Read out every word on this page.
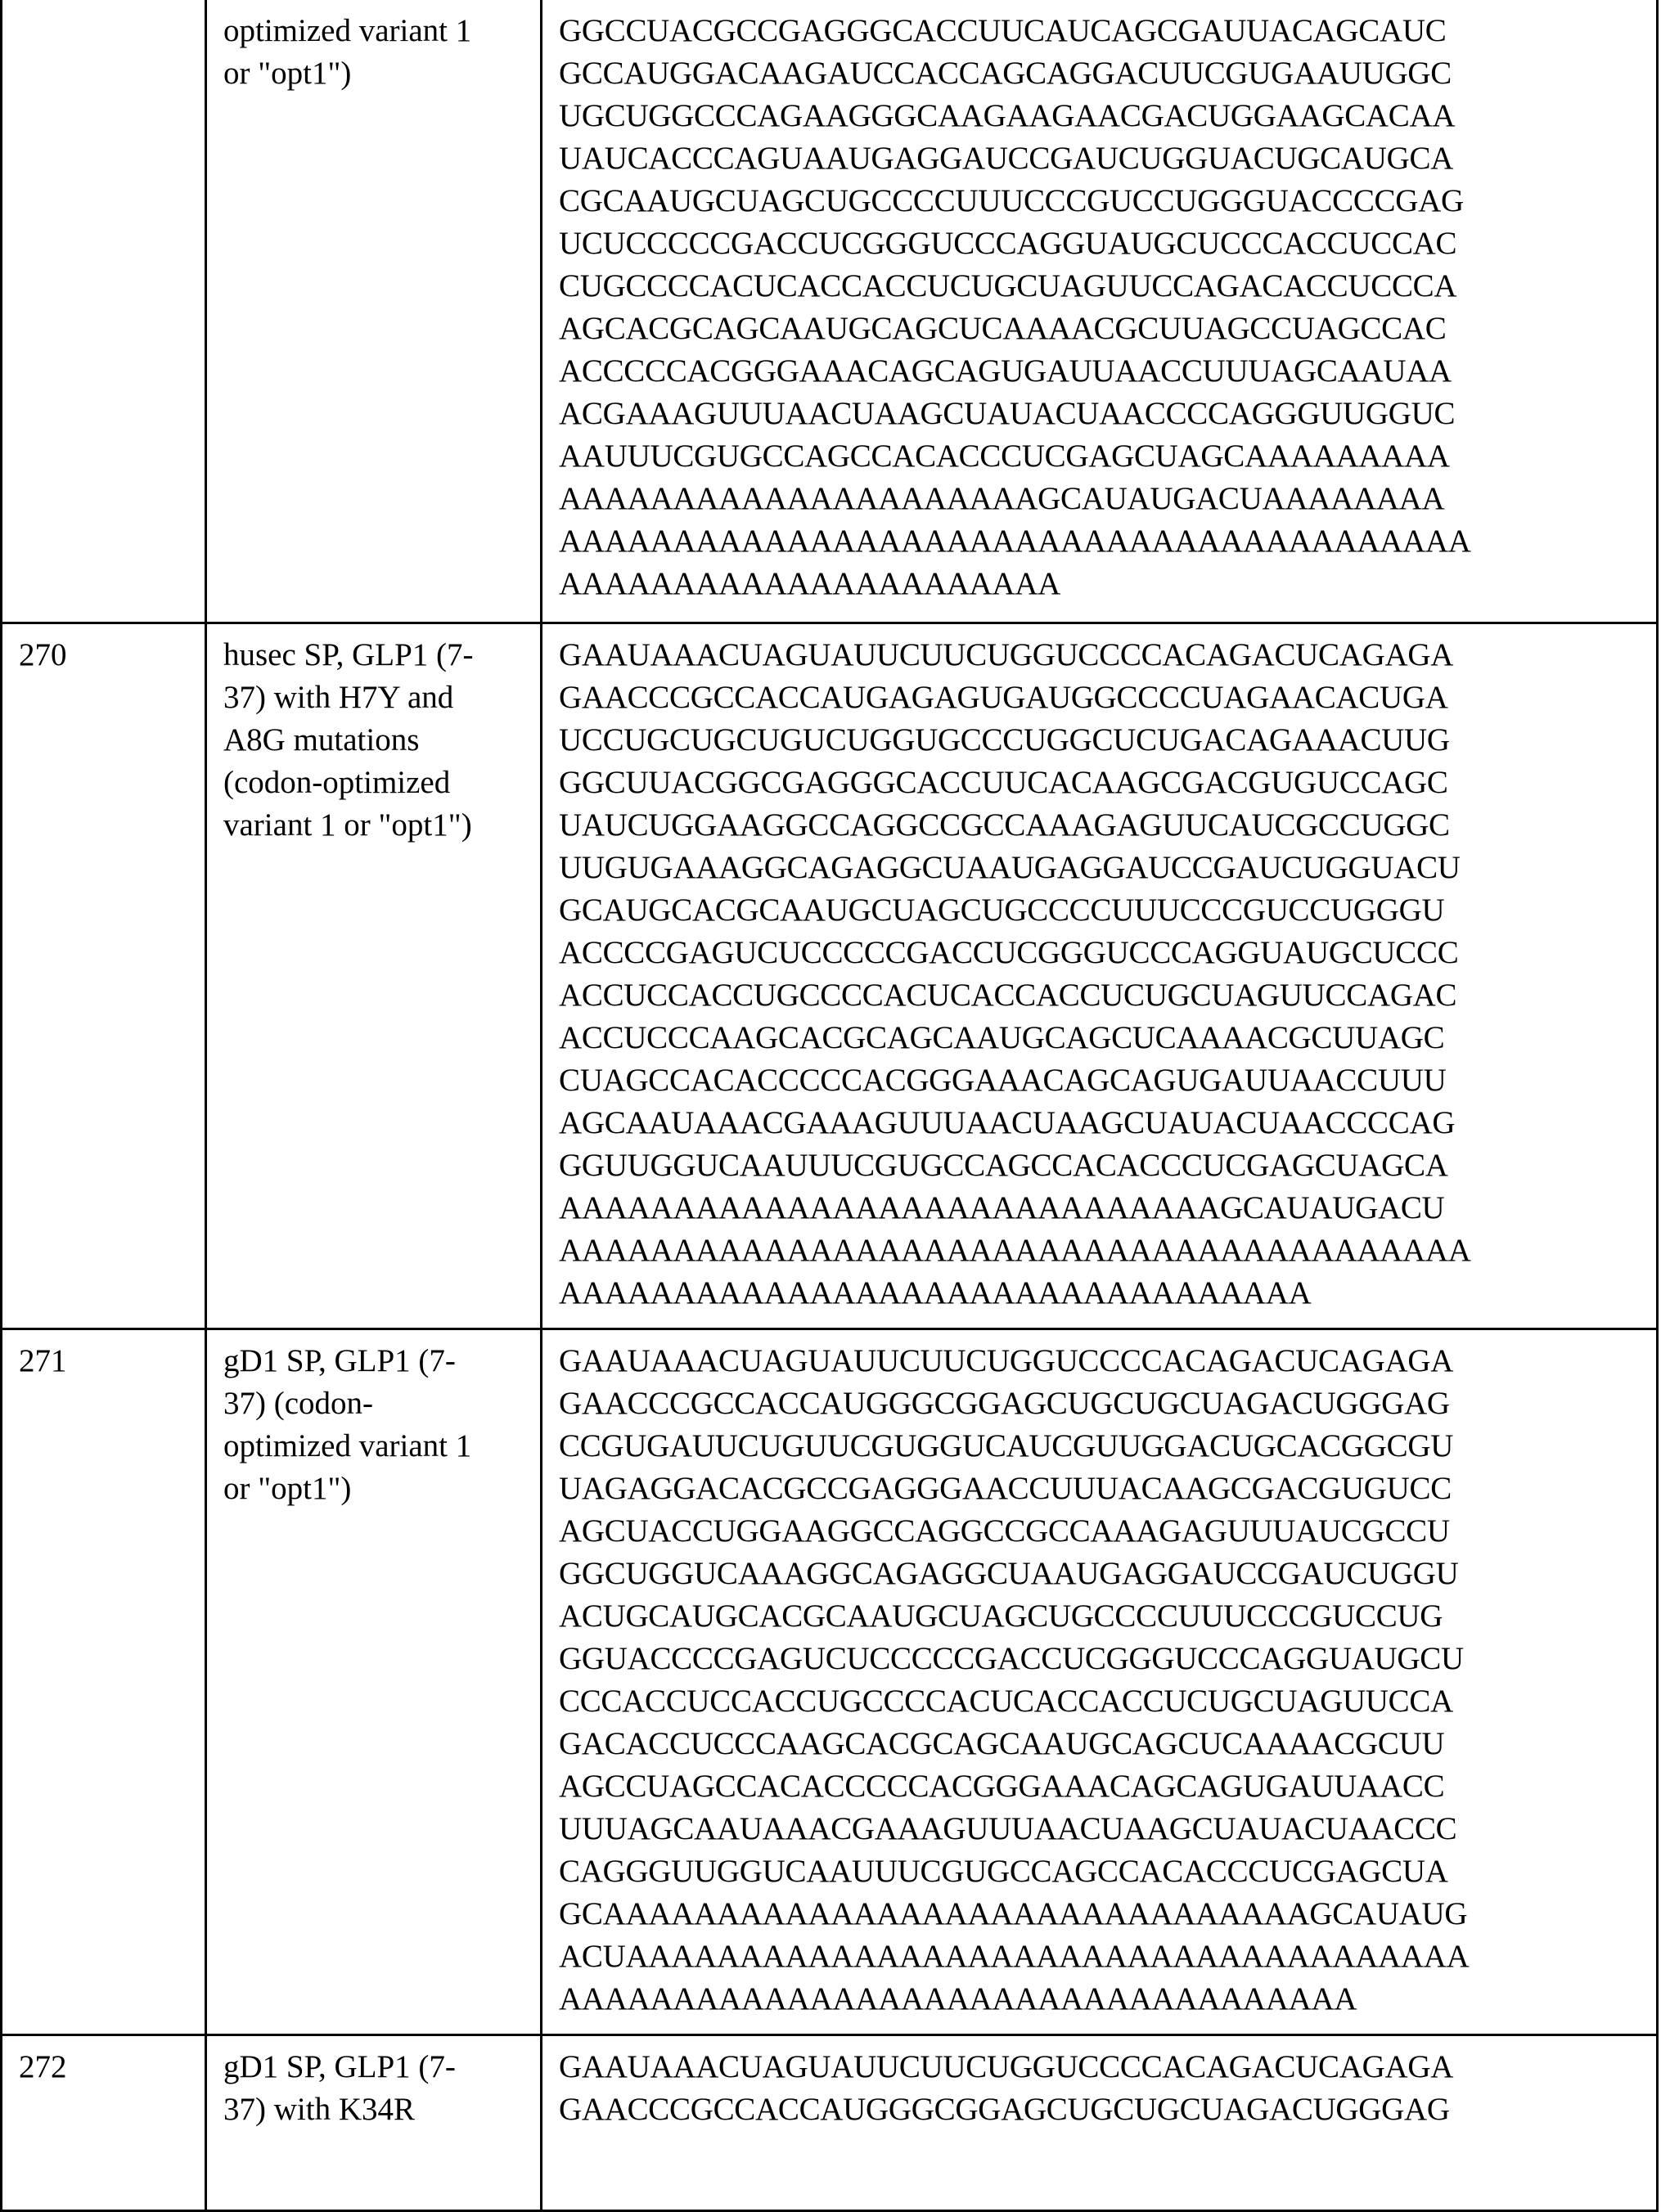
	optimized variant 1
or "opt1")	
GGCCUACGCCGAGGGCACCUUCAUCAGCGAUUACAGCAUC
GCCAUGGACAAGAUCCACCAGCAGGACUUCGUGAAUUGGC
UGCUGGCCCAGAAGGGCAAGAAGAACGACUGGAAGCACAA
UAUCACCCAGUAAUGAGGAUCCGAUCUGGUACUGCAUGCA
CGCAAUGCUAGCUGCCCCUUUCCCGUCCUGGGUACCCCGAG
UCUCCCCCGACCUCGGGUCCCAGGUAUGCUCCCACCUCCAC
CUGCCCCACUCACCACCUCUGCUAGUUCCAGACACCUCCCA
AGCACGCAGCAAUGCAGCUCAAAACGCUUAGCCUAGCCAC
ACCCCCACGGGAAACAGCAGUGAUUAACCUUUAGCAAUAA
ACGAAAGUUUAACUAAGCUAUACUAACCCCAGGGUUGGUC
AAUUUCGUGCCAGCCACACCCUCGAGCUAGCAAAAAAAAA
AAAAAAAAAAAAAAAAAAAAAGCAUAUGACUAAAAAAAA
AAAAAAAAAAAAAAAAAAAAAAAAAAAAAAAAAAAAAAAA
AAAAAAAAAAAAAAAAAAAAAA

270	husec SP, GLP1 (7-
37) with H7Y and
A8G mutations
(codon-optimized
variant 1 or "opt1")	
GAAUAAACUAGUAUUCUUCUGGUCCCCACAGACUCAGAGA
GAACCCGCCACCAUGAGAGUGAUGGCCCCUAGAACACUGA
UCCUGCUGCUGUCUGGUGCCCUGGCUCUGACAGAAACUUG
GGCUUACGGCGAGGGCACCUUCACAAGCGACGUGUCCAGC
UAUCUGGAAGGCCAGGCCGCCAAAGAGUUCAUCGCCUGGC
UUGUGAAAGGCAGAGGCUAAUGAGGAUCCGAUCUGGUACU
GCAUGCACGCAAUGCUAGCUGCCCCUUUCCCGUCCUGGGU
ACCCCGAGUCUCCCCCGACCUCGGGUCCCAGGUAUGCUCCC
ACCUCCACCUGCCCCACUCACCACCUCUGCUAGUUCCAGAC
ACCUCCCAAGCACGCAGCAAUGCAGCUCAAAACGCUUAGC
CUAGCCACACCCCCACGGGAAACAGCAGUGAUUAACCUUU
AGCAAUAAACGAAAGUUUAACUAAGCUAUACUAACCCCAG
GGUUGGUCAAUUUCGUGCCAGCCACACCCUCGAGCUAGCA
AAAAAAAAAAAAAAAAAAAAAAAAAAAAAGCAUAUGACU
AAAAAAAAAAAAAAAAAAAAAAAAAAAAAAAAAAAAAAAA
AAAAAAAAAAAAAAAAAAAAAAAAAAAAAAAAA

271	gD1 SP, GLP1 (7-
37) (codon-
optimized variant 1
or "opt1")	
GAAUAAACUAGUAUUCUUCUGGUCCCCACAGACUCAGAGA
GAACCCGCCACCAUGGGCGGAGCUGCUGCUAGACUGGGAG
CCGUGAUUCUGUUCGUGGUCAUCGUUGGACUGCACGGCGU
UAGAGGACACGCCGAGGGAACCUUUACAAGCGACGUGUCC
AGCUACCUGGAAGGCCAGGCCGCCAAAGAGUUUAUCGCCU
GGCUGGUCAAAGGCAGAGGCUAAUGAGGAUCCGAUCUGGU
ACUGCAUGCACGCAAUGCUAGCUGCCCCUUUCCCGUCCUG
GGUACCCCGAGUCUCCCCCGACCUCGGGUCCCAGGUAUGCU
CCCACCUCCACCUGCCCCACUCACCACCUCUGCUAGUUCCA
GACACCUCCCAAGCACGCAGCAAUGCAGCUCAAAACGCUU
AGCCUAGCCACACCCCCACGGGAAACAGCAGUGAUUAACC
UUUAGCAAUAAACGAAAGUUUAACUAAGCUAUACUAACCC
CAGGGUUGGUCAAUUUCGUGCCAGCCACACCCUCGAGCUA
GCAAAAAAAAAAAAAAAAAAAAAAAAAAAAAAAGCAUAUG
ACUAAAAAAAAAAAAAAAAAAAAAAAAAAAAAAAAAAAAA
AAAAAAAAAAAAAAAAAAAAAAAAAAAAAAAAAAA

272	gD1 SP, GLP1 (7-
37) with K34R	
GAAUAAACUAGUAUUCUUCUGGUCCCCACAGACUCAGAGA
GAACCCGCCACCAUGGGCGGAGCUGCUGCUAGACUGGGAG
